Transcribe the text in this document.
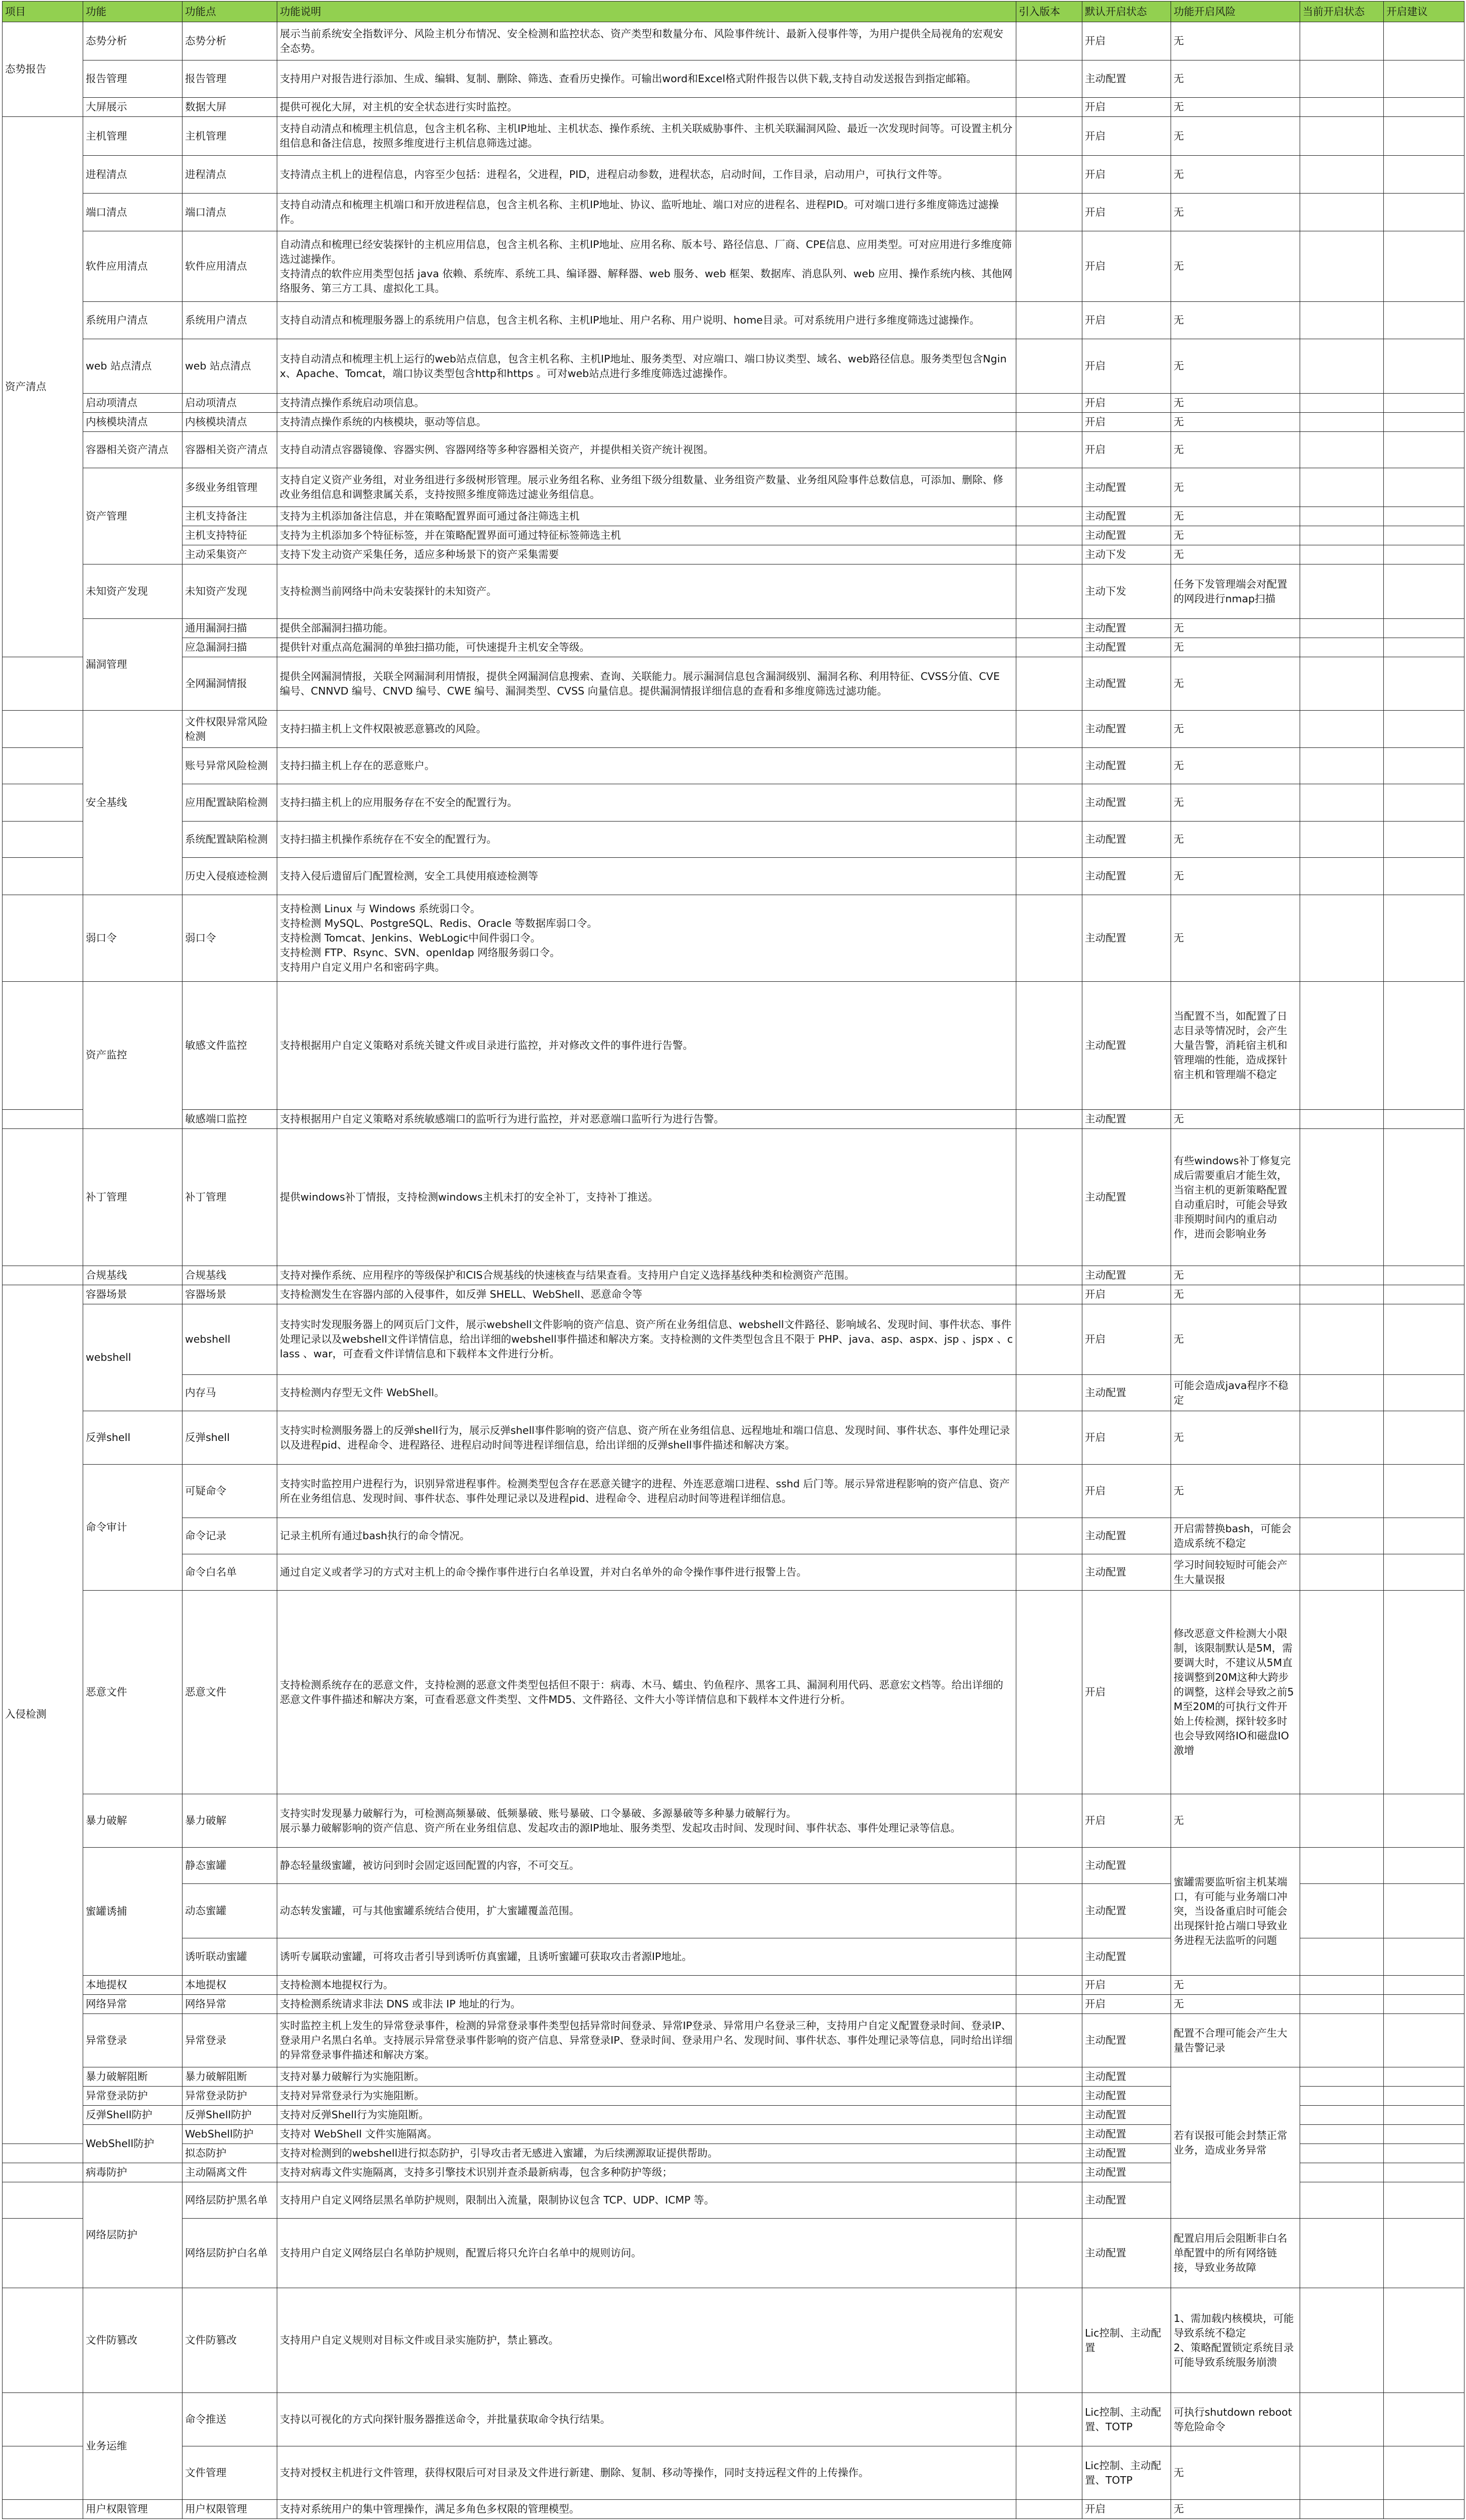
项目	功能	功能点	功能说明	引入版本	默认开启状态	功能开启风险	当前开启状态	开启建议
态势报告	态势分析	态势分析	展示当前系统安全指数评分、风险主机分布情况、安全检测和监控状态、资产类型和数量分布、风险事件统计、最新入侵事件等，为用户提供全局视角的宏观安全态势。		开启	无		
	报告管理	报告管理	支持用户对报告进行添加、生成、编辑、复制、删除、筛选、查看历史操作。可输出word和Excel格式附件报告以供下载,支持自动发送报告到指定邮箱。		主动配置	无		
	大屏展示	数据大屏	提供可视化大屏，对主机的安全状态进行实时监控。		开启	无		
资产清点	主机管理	主机管理	支持自动清点和梳理主机信息，包含主机名称、主机IP地址、主机状态、操作系统、主机关联威胁事件、主机关联漏洞风险、最近一次发现时间等。可设置主机分组信息和备注信息，按照多维度进行主机信息筛选过滤。		开启	无		
	进程清点	进程清点	支持清点主机上的进程信息，内容至少包括：进程名，父进程，PID，进程启动参数，进程状态，启动时间，工作目录，启动用户，可执行文件等。		开启	无		
	端口清点	端口清点	支持自动清点和梳理主机端口和开放进程信息，包含主机名称、主机IP地址、协议、监听地址、端口对应的进程名、进程PID。可对端口进行多维度筛选过滤操作。		开启	无		
	软件应用清点	软件应用清点	自动清点和梳理已经安装探针的主机应用信息，包含主机名称、主机IP地址、应用名称、版本号、路径信息、厂商、CPE信息、应用类型。可对应用进行多维度筛选过滤操作。
支持清点的软件应用类型包括 java 依赖、系统库、系统工具、编译器、解释器、web 服务、web 框架、数据库、消息队列、web 应用、操作系统内核、其他网络服务、第三方工具、虚拟化工具。		开启	无		
	系统用户清点	系统用户清点	支持自动清点和梳理服务器上的系统用户信息，包含主机名称、主机IP地址、用户名称、用户说明、home目录。可对系统用户进行多维度筛选过滤操作。		开启	无		
	web 站点清点	web 站点清点	支持自动清点和梳理主机上运行的web站点信息，包含主机名称、主机IP地址、服务类型、对应端口、端口协议类型、域名、web路径信息。服务类型包含Nginx、Apache、Tomcat，端口协议类型包含http和https 。可对web站点进行多维度筛选过滤操作。		开启	无		
	启动项清点	启动项清点	支持清点操作系统启动项信息。		开启	无		
	内核模块清点	内核模块清点	支持清点操作系统的内核模块，驱动等信息。		开启	无		
	容器相关资产清点	容器相关资产清点	支持自动清点容器镜像、容器实例、容器网络等多种容器相关资产，并提供相关资产统计视图。		开启	无		
	资产管理	多级业务组管理	支持自定义资产业务组，对业务组进行多级树形管理。展示业务组名称、业务组下级分组数量、业务组资产数量、业务组风险事件总数信息，可添加、删除、修改业务组信息和调整隶属关系，支持按照多维度筛选过滤业务组信息。		主动配置	无		
		主机支持备注	支持为主机添加备注信息，并在策略配置界面可通过备注筛选主机		主动配置	无		
		主机支持特征	支持为主机添加多个特征标签，并在策略配置界面可通过特征标签筛选主机		主动配置	无		
		主动采集资产	支持下发主动资产采集任务，适应多种场景下的资产采集需要		主动下发	无		
	未知资产发现	未知资产发现	支持检测当前网络中尚未安装探针的未知资产。		主动下发	任务下发管理端会对配置的网段进行nmap扫描		
	漏洞管理	通用漏洞扫描	提供全部漏洞扫描功能。		主动配置	无		
		应急漏洞扫描	提供针对重点高危漏洞的单独扫描功能，可快速提升主机安全等级。		主动配置	无		
		全网漏洞情报	提供全网漏洞情报，关联全网漏洞利用情报，提供全网漏洞信息搜索、查询、关联能力。展示漏洞信息包含漏洞级别、漏洞名称、利用特征、CVSS分值、CVE 编号、CNNVD 编号、CNVD 编号、CWE 编号、漏洞类型、CVSS 向量信息。提供漏洞情报详细信息的查看和多维度筛选过滤功能。		主动配置	无		
	安全基线	文件权限异常风险检测	支持扫描主机上文件权限被恶意篡改的风险。		主动配置	无		
		账号异常风险检测	支持扫描主机上存在的恶意账户。		主动配置	无		
		应用配置缺陷检测	支持扫描主机上的应用服务存在不安全的配置行为。		主动配置	无		
		系统配置缺陷检测	支持扫描主机操作系统存在不安全的配置行为。		主动配置	无		
		历史入侵痕迹检测	支持入侵后遗留后门配置检测，安全工具使用痕迹检测等		主动配置	无		
	弱口令	弱口令	支持检测 Linux 与 Windows 系统弱口令。
支持检测 MySQL、PostgreSQL、Redis、Oracle 等数据库弱口令。
支持检测 Tomcat、Jenkins、WebLogic中间件弱口令。
支持检测 FTP、Rsync、SVN、openldap 网络服务弱口令。
支持用户自定义用户名和密码字典。		主动配置	无		
	资产监控	敏感文件监控	支持根据用户自定义策略对系统关键文件或目录进行监控，并对修改文件的事件进行告警。		主动配置	当配置不当，如配置了日志目录等情况时，会产生大量告警，消耗宿主机和管理端的性能，造成探针宿主机和管理端不稳定		
		敏感端口监控	支持根据用户自定义策略对系统敏感端口的监听行为进行监控，并对恶意端口监听行为进行告警。		主动配置	无		
	补丁管理	补丁管理	提供windows补丁情报，支持检测windows主机未打的安全补丁，支持补丁推送。		主动配置	有些windows补丁修复完成后需要重启才能生效，当宿主机的更新策略配置自动重启时，可能会导致非预期时间内的重启动作，进而会影响业务		
	合规基线	合规基线	支持对操作系统、应用程序的等级保护和CIS合规基线的快速核查与结果查看。支持用户自定义选择基线种类和检测资产范围。		主动配置	无		
入侵检测	容器场景	容器场景	支持检测发生在容器内部的入侵事件，如反弹 SHELL、WebShell、恶意命令等		开启	无		
	webshell	webshell	支持实时发现服务器上的网页后门文件，展示webshell文件影响的资产信息、资产所在业务组信息、webshell文件路径、影响域名、发现时间、事件状态、事件处理记录以及webshell文件详情信息，给出详细的webshell事件描述和解决方案。支持检测的文件类型包含且不限于 PHP、java、asp、aspx、jsp 、jspx 、class 、war，可查看文件详情信息和下载样本文件进行分析。		开启	无		
		内存马	支持检测内存型无文件 WebShell。		主动配置	可能会造成java程序不稳定		
	反弹shell	反弹shell	支持实时检测服务器上的反弹shell行为，展示反弹shell事件影响的资产信息、资产所在业务组信息、远程地址和端口信息、发现时间、事件状态、事件处理记录以及进程pid、进程命令、进程路径、进程启动时间等进程详细信息，给出详细的反弹shell事件描述和解决方案。		开启	无		
	命令审计	可疑命令	支持实时监控用户进程行为，识别异常进程事件。检测类型包含存在恶意关键字的进程、外连恶意端口进程、sshd 后门等。展示异常进程影响的资产信息、资产所在业务组信息、发现时间、事件状态、事件处理记录以及进程pid、进程命令、进程启动时间等进程详细信息。		开启	无		
		命令记录	记录主机所有通过bash执行的命令情况。		主动配置	开启需替换bash，可能会造成系统不稳定		
		命令白名单	通过自定义或者学习的方式对主机上的命令操作事件进行白名单设置，并对白名单外的命令操作事件进行报警上告。		主动配置	学习时间较短时可能会产生大量误报		
	恶意文件	恶意文件	支持检测系统存在的恶意文件，支持检测的恶意文件类型包括但不限于：病毒、木马、蠕虫、钓鱼程序、黑客工具、漏洞利用代码、恶意宏文档等。给出详细的恶意文件事件描述和解决方案，可查看恶意文件类型、文件MD5、文件路径、文件大小等详情信息和下载样本文件进行分析。		开启	修改恶意文件检测大小限制，该限制默认是5M，需要调大时，不建议从5M直接调整到20M这种大跨步的调整，这样会导致之前5M至20M的可执行文件开始上传检测，探针较多时也会导致网络IO和磁盘IO激增		
	暴力破解	暴力破解	支持实时发现暴力破解行为，可检测高频暴破、低频暴破、账号暴破、口令暴破、多源暴破等多种暴力破解行为。
展示暴力破解影响的资产信息、资产所在业务组信息、发起攻击的源IP地址、服务类型、发起攻击时间、发现时间、事件状态、事件处理记录等信息。		开启	无		
	蜜罐诱捕	静态蜜罐	静态轻量级蜜罐，被访问到时会固定返回配置的内容，不可交互。		主动配置	蜜罐需要监听宿主机某端口，有可能与业务端口冲突，当设备重启时可能会出现探针抢占端口导致业务进程无法监听的问题		
		动态蜜罐	动态转发蜜罐，可与其他蜜罐系统结合使用，扩大蜜罐覆盖范围。		主动配置			
		诱听联动蜜罐	诱听专属联动蜜罐，可将攻击者引导到诱听仿真蜜罐，且诱听蜜罐可获取攻击者源IP地址。		主动配置			
	本地提权	本地提权	支持检测本地提权行为。		开启	无		
	网络异常	网络异常	支持检测系统请求非法 DNS 或非法 IP 地址的行为。		开启	无		
	异常登录	异常登录	实时监控主机上发生的异常登录事件，检测的异常登录事件类型包括异常时间登录、异常IP登录、异常用户名登录三种，支持用户自定义配置登录时间、登录IP、登录用户名黑白名单。支持展示异常登录事件影响的资产信息、异常登录IP、登录时间、登录用户名、发现时间、事件状态、事件处理记录等信息，同时给出详细的异常登录事件描述和解决方案。		主动配置	配置不合理可能会产生大量告警记录		
	暴力破解阻断	暴力破解阻断	支持对暴力破解行为实施阻断。		主动配置	若有误报可能会封禁正常业务，造成业务异常		
	异常登录防护	异常登录防护	支持对异常登录行为实施阻断。		主动配置			
	反弹Shell防护	反弹Shell防护	支持对反弹Shell行为实施阻断。		主动配置			
	WebShell防护	WebShell防护	支持对 WebShell 文件实施隔离。		主动配置			
		拟态防护	支持对检测到的webshell进行拟态防护，引导攻击者无感进入蜜罐，为后续溯源取证提供帮助。		主动配置			
	病毒防护	主动隔离文件	支持对病毒文件实施隔离，支持多引擎技术识别并查杀最新病毒，包含多种防护等级；		主动配置			
	网络层防护	网络层防护黑名单	支持用户自定义网络层黑名单防护规则，限制出入流量，限制协议包含 TCP、UDP、ICMP 等。		主动配置			
		网络层防护白名单	支持用户自定义网络层白名单防护规则，配置后将只允许白名单中的规则访问。		主动配置	配置启用后会阻断非白名单配置中的所有网络链接，导致业务故障		
	文件防篡改	文件防篡改	支持用户自定义规则对目标文件或目录实施防护，禁止篡改。		Lic控制、主动配置	1、需加载内核模块，可能导致系统不稳定
2、策略配置锁定系统目录可能导致系统服务崩溃		
	业务运维	命令推送	支持以可视化的方式向探针服务器推送命令，并批量获取命令执行结果。		Lic控制、主动配置、TOTP	可执行shutdown reboot等危险命令		
		文件管理	支持对授权主机进行文件管理，获得权限后可对目录及文件进行新建、删除、复制、移动等操作，同时支持远程文件的上传操作。		Lic控制、主动配置、TOTP	无		
	用户权限管理	用户权限管理	支持对系统用户的集中管理操作，满足多角色多权限的管理模型。		开启	无		
